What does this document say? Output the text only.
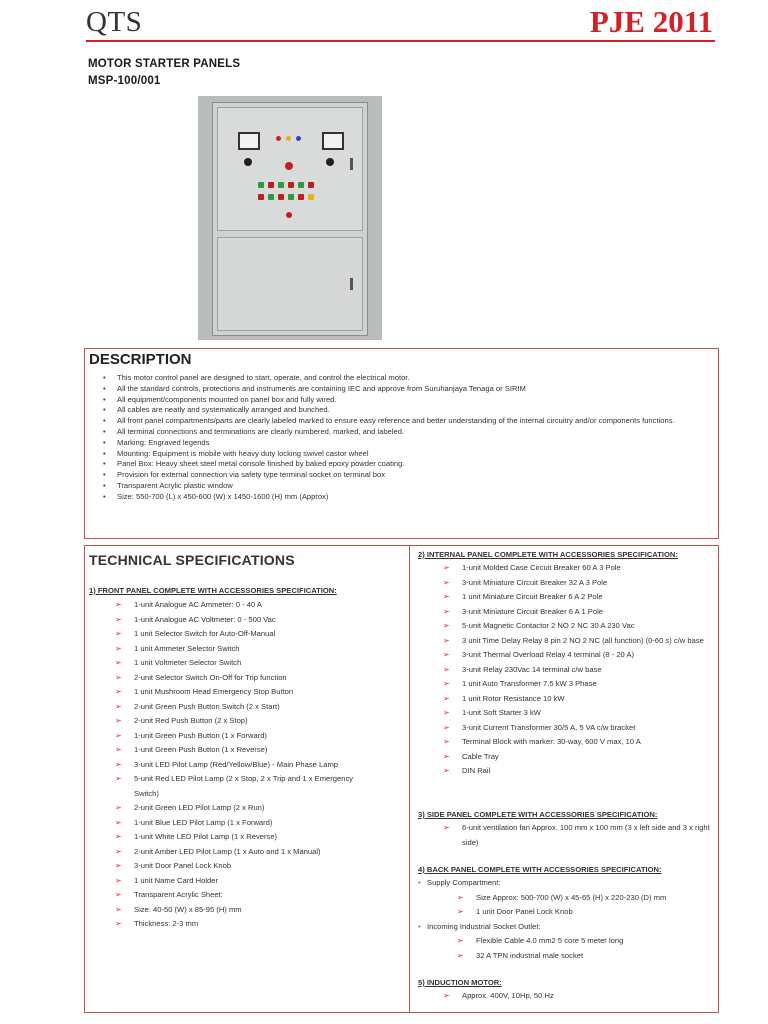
QTS	PJE 2011
MOTOR STARTER PANELS
MSP-100/001
DESCRIPTION
• This motor control panel are designed to start, operate, and control the electrical motor.
• All the standard controls, protections and instruments are containing IEC and approve from Suruhanjaya Tenaga or SIRIM
• All equipment/components mounted on panel box and fully wired.
• All cables are neatly and systematically arranged and bunched.
• All front panel compartments/parts are clearly labeled marked to ensure easy reference and better understanding of the internal circuitry and/or components functions.
• All terminal connections and terminations are clearly numbered, marked, and labeled.
• Marking: Engraved legends
• Mounting: Equipment is mobile with heavy duty locking swivel castor wheel
• Panel Box: Heavy sheet steel metal console finished by baked epoxy powder coating.
• Provision for external connection via safety type terminal socket on terminal box
• Transparent Acrylic plastic window
• Size: 550-700 (L) x 450-600 (W) x 1450-1600 (H) mm (Approx)
TECHNICAL SPECIFICATIONS
1) FRONT PANEL COMPLETE WITH ACCESSORIES SPECIFICATION:
➢ 1-unit Analogue AC Ammeter: 0 - 40 A
➢ 1-unit Analogue AC Voltmeter: 0 - 500 Vac
➢ 1 unit Selector Switch for Auto-Off-Manual
➢ 1 unit Ammeter Selector Switch
➢ 1 unit Voltmeter Selector Switch
➢ 2-unit Selector Switch On-Off for Trip function
➢ 1 unit Mushroom Head Emergency Stop Button
➢ 2-unit Green Push Button Switch (2 x Start)
➢ 2-unit Red Push Button (2 x Stop)
➢ 1-unit Green Push Button (1 x Forward)
➢ 1-unit Green Push Button (1 x Reverse)
➢ 3-unit LED Pilot Lamp (Red/Yellow/Blue) - Main Phase Lamp
➢ 5-unit Red LED Pilot Lamp (2 x Stop, 2 x Trip and 1 x Emergency Switch)
➢ 2-unit Green LED Pilot Lamp (2 x Run)
➢ 1-unit Blue LED Pilot Lamp (1 x Forward)
➢ 1-unit White LED Pilot Lamp (1 x Reverse)
➢ 2-unit Amber LED Pilot Lamp (1 x Auto and 1 x Manual)
➢ 3-unit Door Panel Lock Knob
➢ 1 unit Name Card Holder
➢ Transparent Acrylic Sheet:
➢ Size: 40-50 (W) x 85-95 (H) mm
➢ Thickness: 2-3 mm
2) INTERNAL PANEL COMPLETE WITH ACCESSORIES SPECIFICATION:
➢ 1-unit Molded Case Circuit Breaker 60 A 3 Pole
➢ 3-unit Miniature Circuit Breaker 32 A 3 Pole
➢ 1 unit Miniature Circuit Breaker 6 A 2 Pole
➢ 3-unit Miniature Circuit Breaker 6 A 1 Pole
➢ 5-unit Magnetic Contactor 2 NO 2 NC 30 A 230 Vac
➢ 3 unit Time Delay Relay 8 pin 2 NO 2 NC (all function) (0-60 s) c/w base
➢ 3-unit Thermal Overload Relay 4 terminal (8 - 20 A)
➢ 3-unit Relay 230Vac 14 terminal c/w base
➢ 1 unit Auto Transformer 7.5 kW 3 Phase
➢ 1 unit Rotor Resistance 10 kW
➢ 1-unit Soft Starter 3 kW
➢ 3-unit Current Transformer 30/5 A, 5 VA c/w bracket
➢ Terminal Block with marker: 30-way, 600 V max, 10 A
➢ Cable Tray
➢ DIN Rail
3) SIDE PANEL COMPLETE WITH ACCESSORIES SPECIFICATION:
➢ 6-unit ventilation fan Approx. 100 mm x 100 mm (3 x left side and 3 x right side)
4) BACK PANEL COMPLETE WITH ACCESSORIES SPECIFICATION:
• Supply Compartment:
➢ Size Approx: 500-700 (W) x 45-65 (H) x 220-230 (D) mm
➢ 1 unit Door Panel Lock Knob
• Incoming Industrial Socket Outlet:
➢ Flexible Cable 4.0 mm2 5 core 5 meter long
➢ 32 A TPN industrial male socket
5) INDUCTION MOTOR:
➢ Approx. 400V, 10Hp, 50 Hz
